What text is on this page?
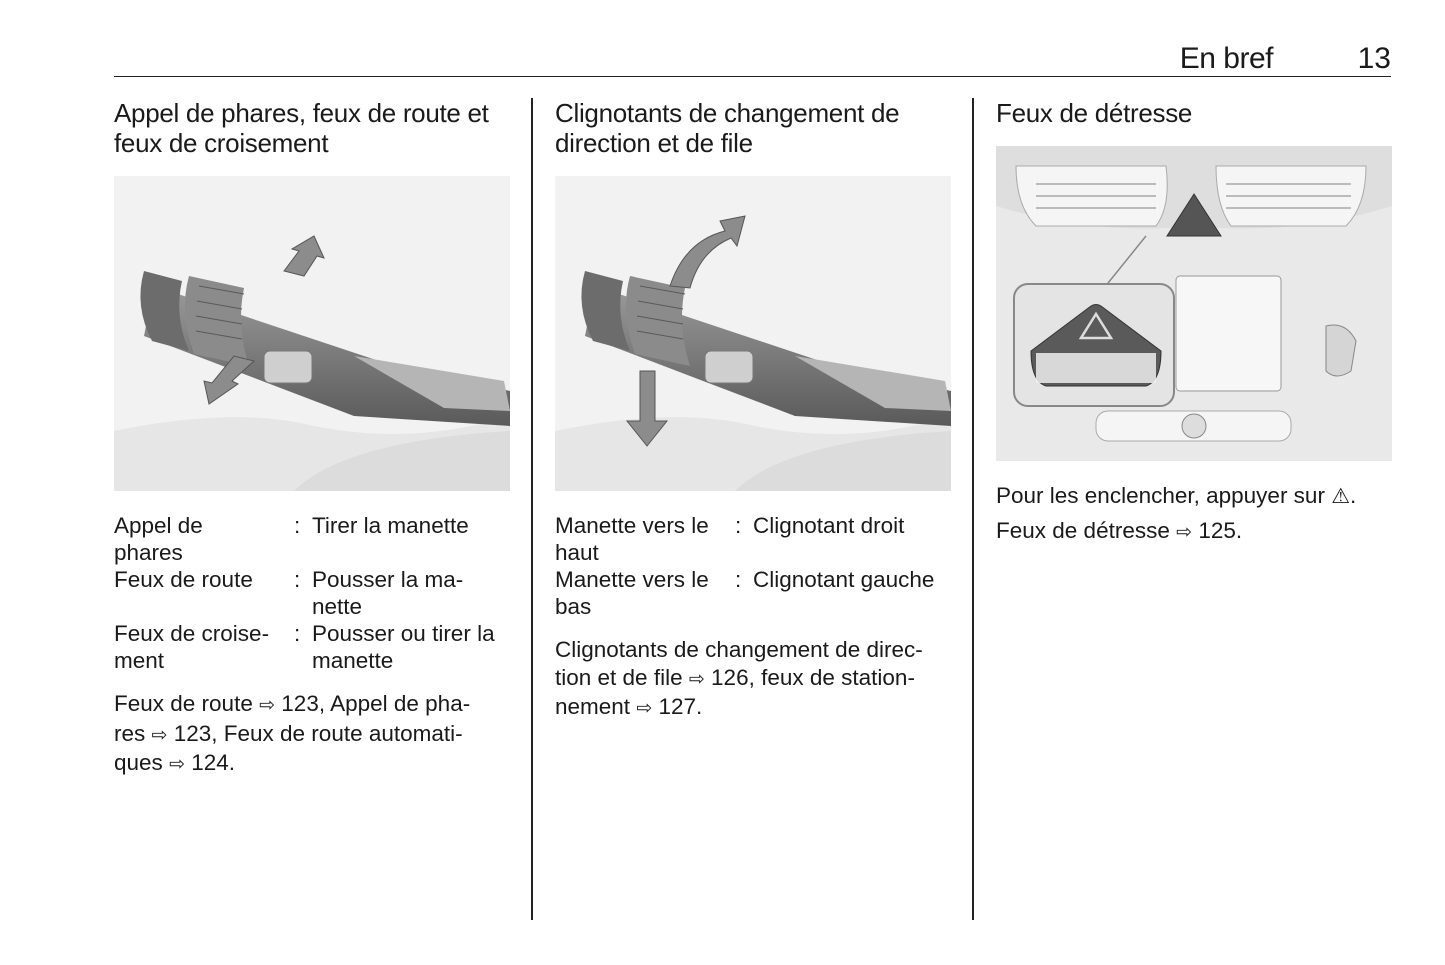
En bref	13
Appel de phares, feux de route et
feux de croisement
Appel de
phares
: Tirer la manette
Feux de route	: Pousser la ma-
nette
Feux de croise-
ment
: Pousser ou tirer la
manette

Feux de route ⇨ 123, Appel de pha-
res ⇨ 123, Feux de route automati-
ques ⇨ 124.

Clignotants de changement de
direction et de file
Manette vers le
haut
: Clignotant droit
Manette vers le
bas
: Clignotant gauche

Clignotants de changement de direc-
tion et de file ⇨ 126, feux de station-
nement ⇨ 127.

Feux de détresse

Pour les enclencher, appuyer sur ⚠.

Feux de détresse ⇨ 125.
